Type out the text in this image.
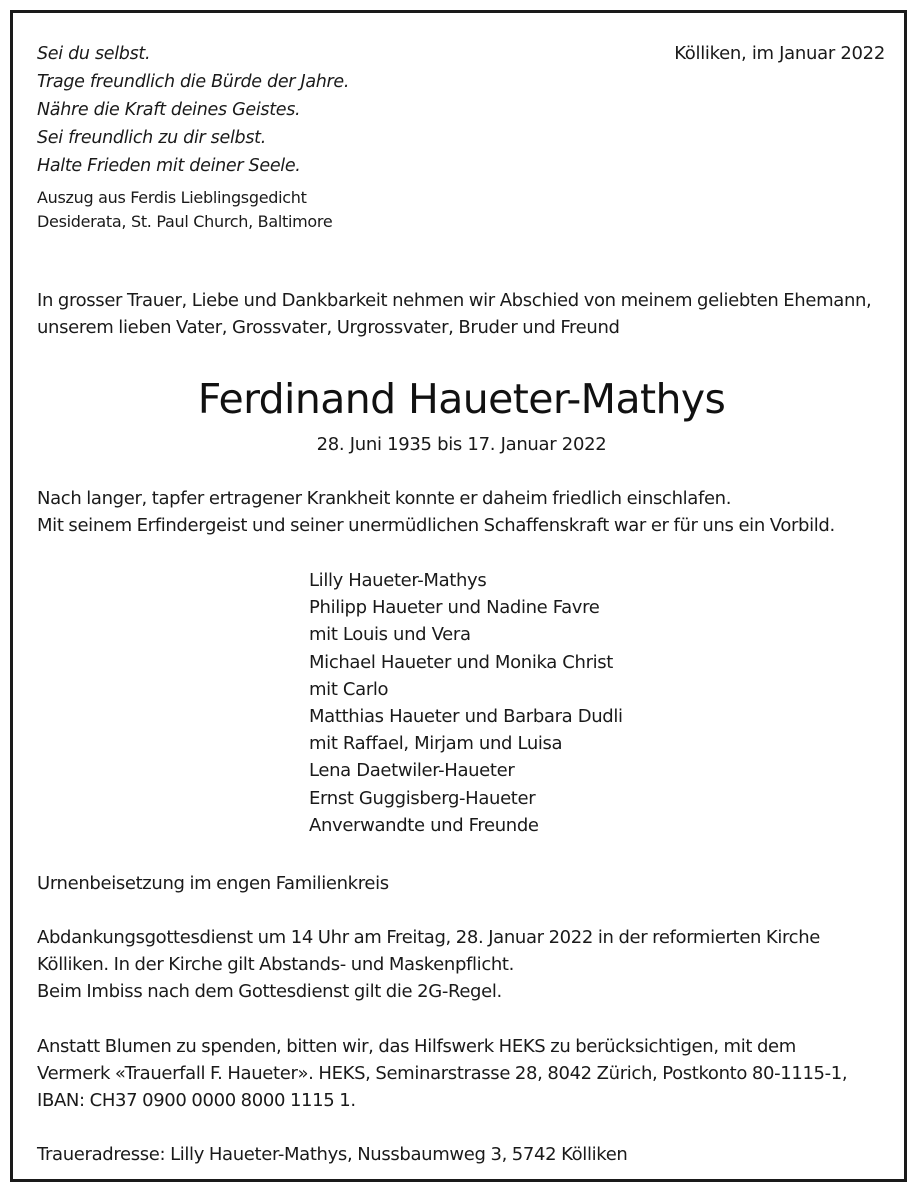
Sei du selbst.
Trage freundlich die Bürde der Jahre.
Nähre die Kraft deines Geistes.
Sei freundlich zu dir selbst.
Halte Frieden mit deiner Seele.
Kölliken, im Januar 2022
Auszug aus Ferdis Lieblingsgedicht
Desiderata, St. Paul Church, Baltimore
In grosser Trauer, Liebe und Dankbarkeit nehmen wir Abschied von meinem geliebten Ehemann,
unserem lieben Vater, Grossvater, Urgrossvater, Bruder und Freund
Ferdinand Haueter-Mathys
28. Juni 1935 bis 17. Januar 2022
Nach langer, tapfer ertragener Krankheit konnte er daheim friedlich einschlafen.
Mit seinem Erfindergeist und seiner unermüdlichen Schaffenskraft war er für uns ein Vorbild.
Lilly Haueter-Mathys
Philipp Haueter und Nadine Favre
mit Louis und Vera
Michael Haueter und Monika Christ
mit Carlo
Matthias Haueter und Barbara Dudli
mit Raffael, Mirjam und Luisa
Lena Daetwiler-Haueter
Ernst Guggisberg-Haueter
Anverwandte und Freunde
Urnenbeisetzung im engen Familienkreis
Abdankungsgottesdienst um 14 Uhr am Freitag, 28. Januar 2022 in der reformierten Kirche
Kölliken. In der Kirche gilt Abstands- und Maskenpflicht.
Beim Imbiss nach dem Gottesdienst gilt die 2G-Regel.
Anstatt Blumen zu spenden, bitten wir, das Hilfswerk HEKS zu berücksichtigen, mit dem
Vermerk «Trauerfall F. Haueter». HEKS, Seminarstrasse 28, 8042 Zürich, Postkonto 80-1115-1,
IBAN: CH37 0900 0000 8000 1115 1.
Traueradresse: Lilly Haueter-Mathys, Nussbaumweg 3, 5742 Kölliken
